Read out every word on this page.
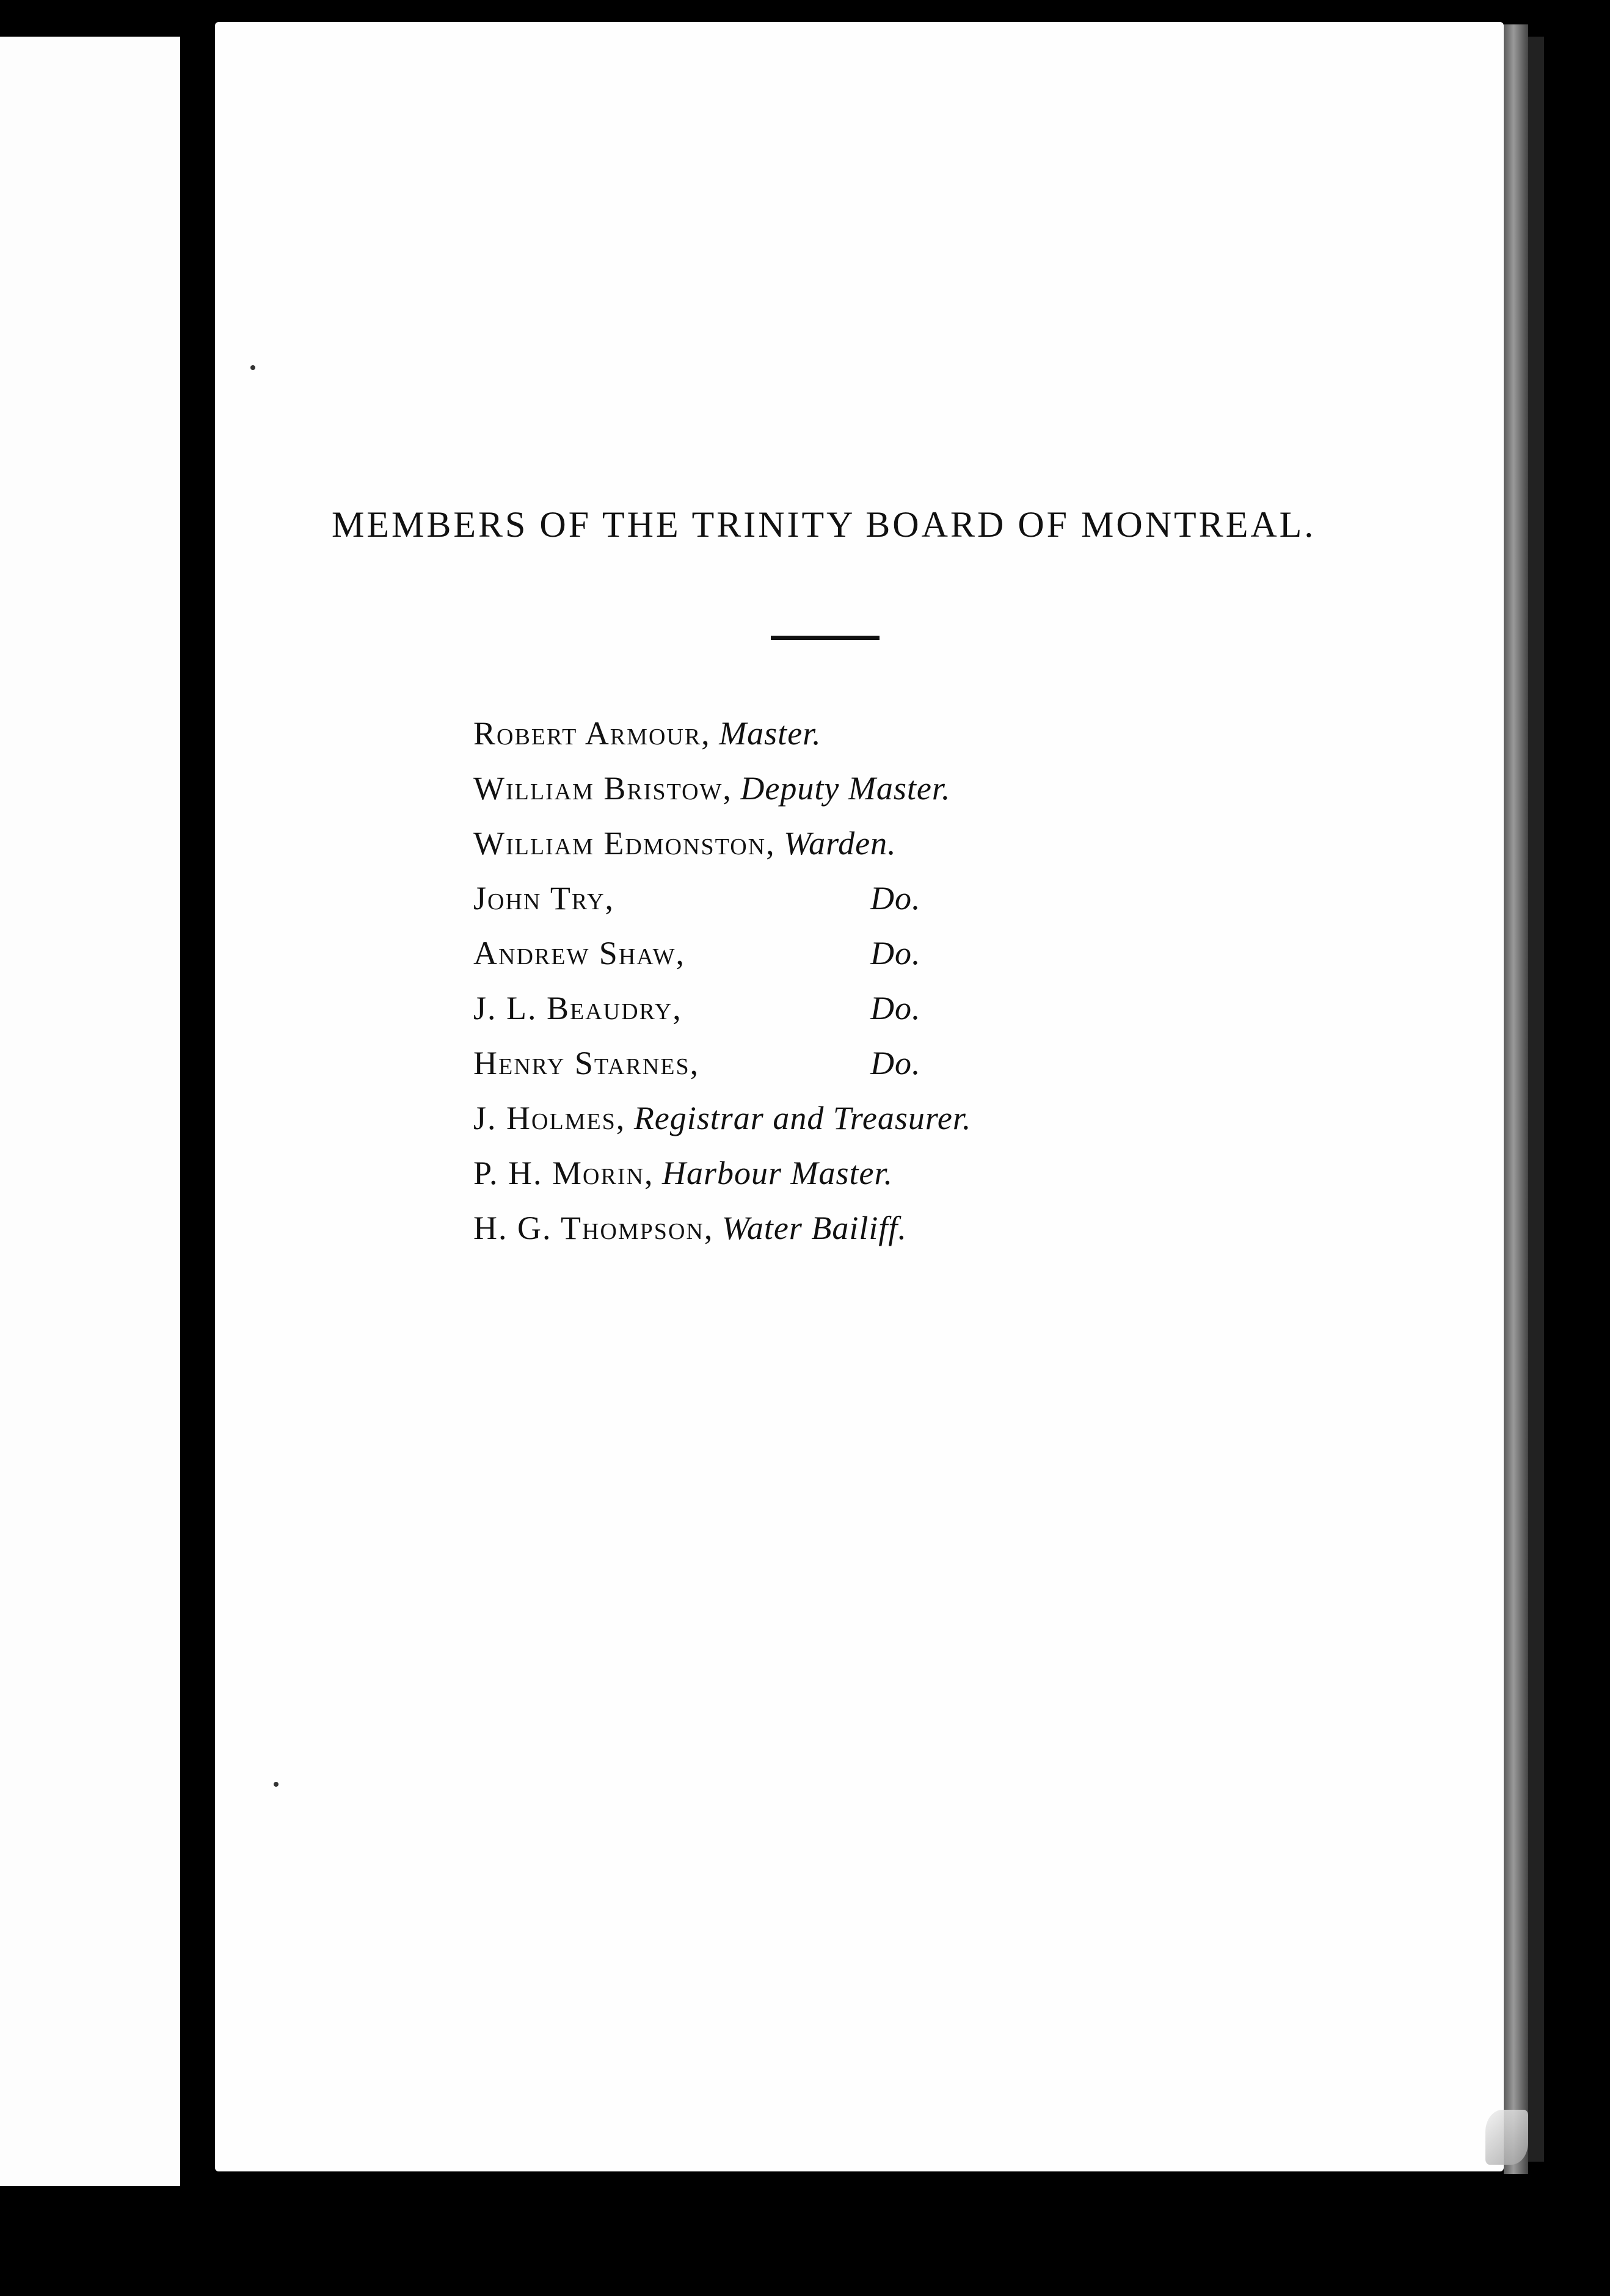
MEMBERS OF THE TRINITY BOARD OF MONTREAL.
Robert Armour, Master.
William Bristow, Deputy Master.
William Edmonston, Warden.
John Try,	Do.
Andrew Shaw,	Do.
J. L. Beaudry,	Do.
Henry Starnes,	Do.
J. Holmes, Registrar and Treasurer.
P. H. Morin, Harbour Master.
H. G. Thompson, Water Bailiff.
